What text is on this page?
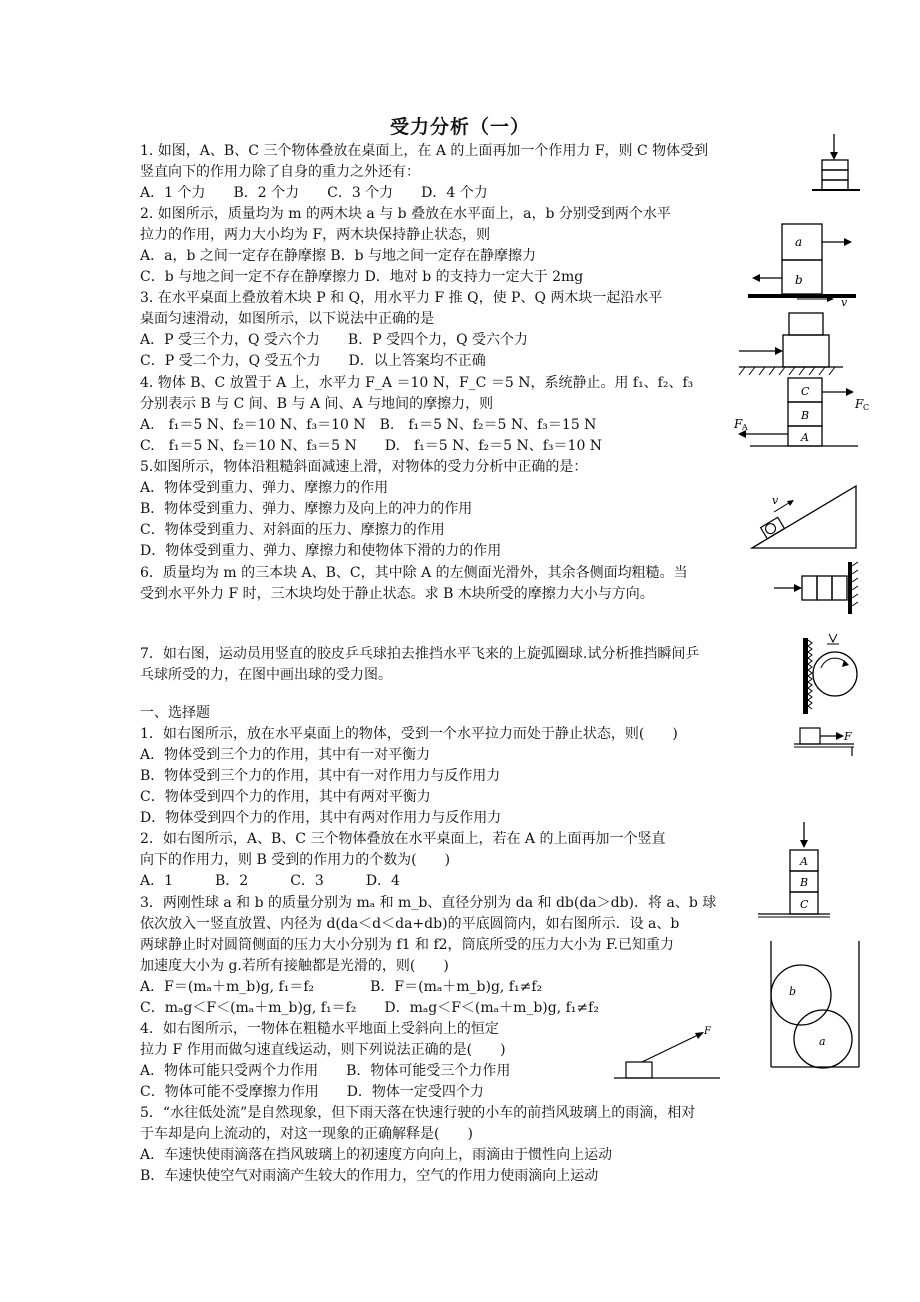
受力分析（一）
1. 如图，A、B、C 三个物体叠放在桌面上，在 A 的上面再加一个作用力 F，则 C 物体受到
竖直向下的作用力除了自身的重力之外还有：
A．1 个力　　B．2 个力　　C．3 个力　　D．4 个力
2. 如图所示，质量均为 m 的两木块 a 与 b 叠放在水平面上，a，b 分别受到两个水平
拉力的作用，两力大小均为 F，两木块保持静止状态，则
A．a，b 之间一定存在静摩擦 B．b 与地之间一定存在静摩擦力
C．b 与地之间一定不存在静摩擦力 D．地对 b 的支持力一定大于 2mg
3. 在水平桌面上叠放着木块 P 和 Q，用水平力 F 推 Q，使 P、Q 两木块一起沿水平
桌面匀速滑动，如图所示，以下说法中正确的是
A．P 受三个力，Q 受六个力　　B．P 受四个力，Q 受六个力
C．P 受二个力，Q 受五个力　　D．以上答案均不正确
4. 物体 B、C 放置于 A 上，水平力 F_A ＝10 N，F_C ＝5 N，系统静止。用 f₁、f₂、f₃
分别表示 B 与 C 间、B 与 A 间、A 与地间的摩擦力，则
A.　f₁＝5 N、f₂＝10 N、f₃＝10 N　B.　f₁＝5 N、f₂＝5 N、f₃＝15 N
C.　f₁＝5 N、f₂＝10 N、f₃＝5 N　　D.　f₁＝5 N、f₂＝5 N、f₃＝10 N
5.如图所示，物体沿粗糙斜面减速上滑，对物体的受力分析中正确的是：
A．物体受到重力、弹力、摩擦力的作用
B．物体受到重力、弹力、摩擦力及向上的冲力的作用
C．物体受到重力、对斜面的压力、摩擦力的作用
D．物体受到重力、弹力、摩擦力和使物体下滑的力的作用
6．质量均为 m 的三本块 A、B、C，其中除 A 的左侧面光滑外，其余各侧面均粗糙。当
受到水平外力 F 时，三木块均处于静止状态。求 B 木块所受的摩擦力大小与方向。
7．如右图，运动员用竖直的胶皮乒乓球拍去推挡水平飞来的上旋弧圈球.试分析推挡瞬间乒
乓球所受的力，在图中画出球的受力图。
一、选择题
1．如右图所示，放在水平桌面上的物体，受到一个水平拉力而处于静止状态，则(　　)
A．物体受到三个力的作用，其中有一对平衡力
B．物体受到三个力的作用，其中有一对作用力与反作用力
C．物体受到四个力的作用，其中有两对平衡力
D．物体受到四个力的作用，其中有两对作用力与反作用力
2．如右图所示，A、B、C 三个物体叠放在水平桌面上，若在 A 的上面再加一个竖直
向下的作用力，则 B 受到的作用力的个数为(　　)
A．1　　　B．2　　　C．3　　　D．4
3．两刚性球 a 和 b 的质量分别为 mₐ 和 m_b、直径分别为 da 和 db(da＞db)．将 a、b 球
依次放入一竖直放置、内径为 d(da＜d＜da+db)的平底圆筒内，如右图所示．设 a、b
两球静止时对圆筒侧面的压力大小分别为 f1 和 f2，筒底所受的压力大小为 F.已知重力
加速度大小为 g.若所有接触都是光滑的，则(　　)
A．F＝(mₐ＋m_b)g, f₁＝f₂　　　　B．F＝(mₐ＋m_b)g, f₁≠f₂
C．mₐg＜F＜(mₐ＋m_b)g, f₁＝f₂　　D．mₐg＜F＜(mₐ＋m_b)g, f₁≠f₂
4．如右图所示，一物体在粗糙水平地面上受斜向上的恒定
拉力 F 作用而做匀速直线运动，则下列说法正确的是(　　)
A．物体可能只受两个力作用　　B．物体可能受三个力作用
C．物体可能不受摩擦力作用　　D．物体一定受四个力
5．“水往低处流”是自然现象，但下雨天落在快速行驶的小车的前挡风玻璃上的雨滴，相对
于车却是向上流动的，对这一现象的正确解释是(　　)
A．车速快使雨滴落在挡风玻璃上的初速度方向向上，雨滴由于惯性向上运动
B．车速快使空气对雨滴产生较大的作用力，空气的作用力使雨滴向上运动
a
b
v
C
B
A
F C
F A
v
F
A
B
C
b
a
F
